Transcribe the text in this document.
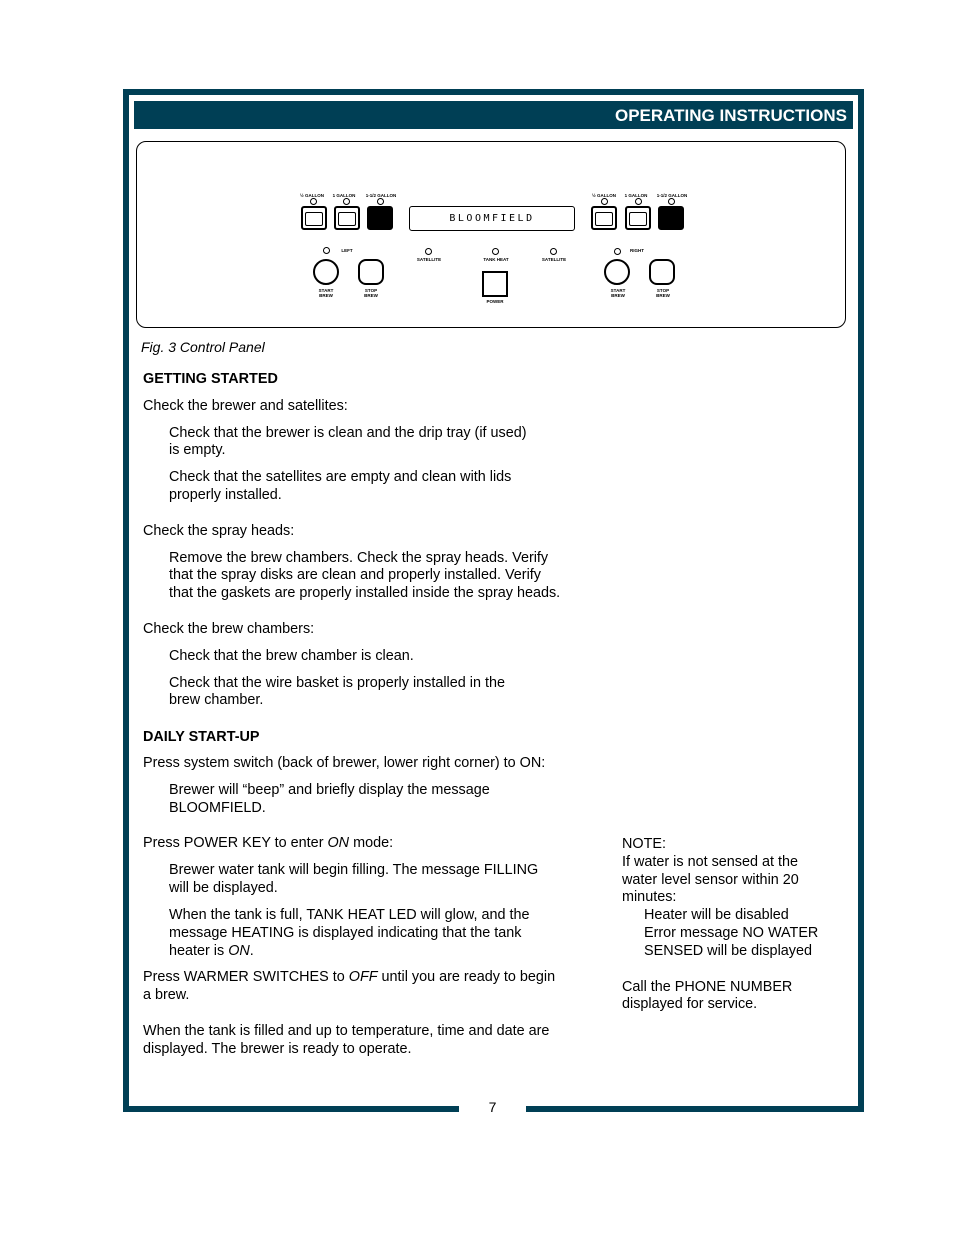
OPERATING INSTRUCTIONS
½ GALLON	1 GALLON	1-1/2 GALLON
BLOOMFIELD
½ GALLON	1 GALLON	1-1/2 GALLON
LEFT
START
BREW
STOP
BREW
SATELLITE	TANK HEAT	SATELLITE
POWER
RIGHT
START
BREW
STOP
BREW
Fig. 3 Control Panel
GETTING STARTED
Check the brewer and satellites:
Check that the brewer is clean and the drip tray (if used)
is empty.
Check that the satellites are empty and clean with lids
properly installed.
Check the spray heads:
Remove the brew chambers. Check the spray heads. Verify
that the spray disks are clean and properly installed. Verify
that the gaskets are properly installed inside the spray heads.
Check the brew chambers:
Check that the brew chamber is clean.
Check that the wire basket is properly installed in the
brew chamber.
DAILY START-UP
Press system switch (back of brewer, lower right corner) to ON:
Brewer will “beep” and briefly display the message
BLOOMFIELD.
Press POWER KEY to enter ON mode:
Brewer water tank will begin filling. The message FILLING
will be displayed.
When the tank is full, TANK HEAT LED will glow, and the
message HEATING is displayed indicating that the tank
heater is ON.
Press WARMER SWITCHES to OFF until you are ready to begin
a brew.
When the tank is filled and up to temperature, time and date are
displayed. The brewer is ready to operate.
NOTE:
If water is not sensed at the
water level sensor within 20
minutes:
Heater will be disabled
Error message NO WATER
SENSED will be displayed
Call the PHONE NUMBER
displayed for service.
7
